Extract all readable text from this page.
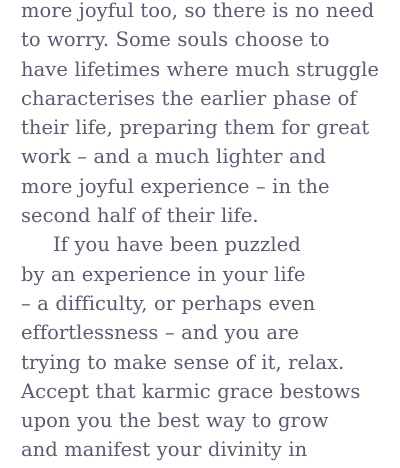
more joyful too, so there is no need
to worry. Some souls choose to
have lifetimes where much struggle
characterises the earlier phase of
their life, preparing them for great
work – and a much lighter and
more joyful experience – in the
second half of their life.
If you have been puzzled
by an experience in your life
– a difficulty, or perhaps even
effortlessness – and you are
trying to make sense of it, relax.
Accept that karmic grace bestows
upon you the best way to grow
and manifest your divinity in
